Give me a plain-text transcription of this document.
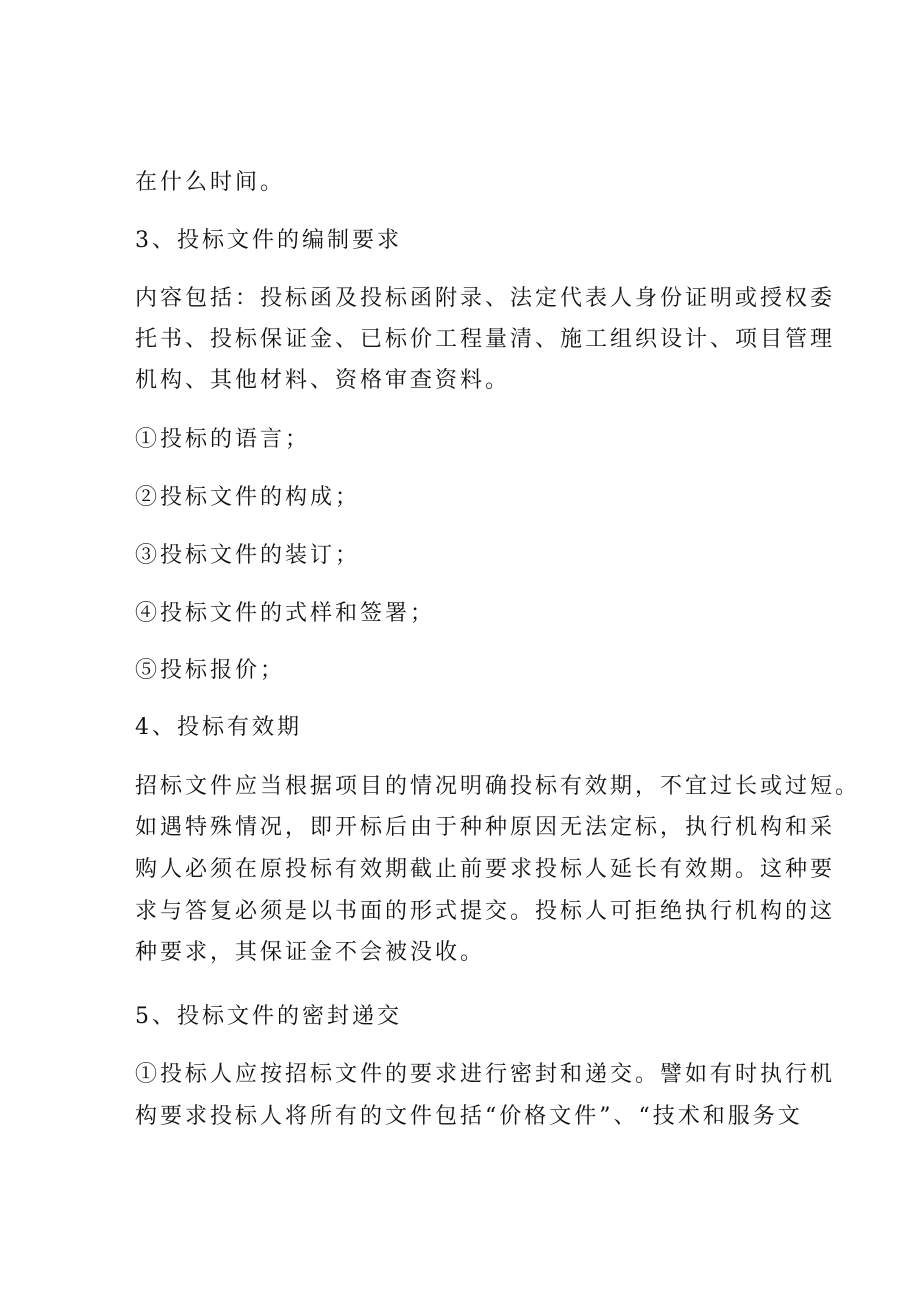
在什么时间。
3、投标文件的编制要求
内容包括：投标函及投标函附录、法定代表人身份证明或授权委
托书、投标保证金、已标价工程量清、施工组织设计、项目管理
机构、其他材料、资格审查资料。
①投标的语言；
②投标文件的构成；
③投标文件的装订；
④投标文件的式样和签署；
⑤投标报价；
4、投标有效期
招标文件应当根据项目的情况明确投标有效期，不宜过长或过短。
如遇特殊情况，即开标后由于种种原因无法定标，执行机构和采
购人必须在原投标有效期截止前要求投标人延长有效期。这种要
求与答复必须是以书面的形式提交。投标人可拒绝执行机构的这
种要求，其保证金不会被没收。
5、投标文件的密封递交
①投标人应按招标文件的要求进行密封和递交。譬如有时执行机
构要求投标人将所有的文件包括“价格文件”、“技术和服务文
